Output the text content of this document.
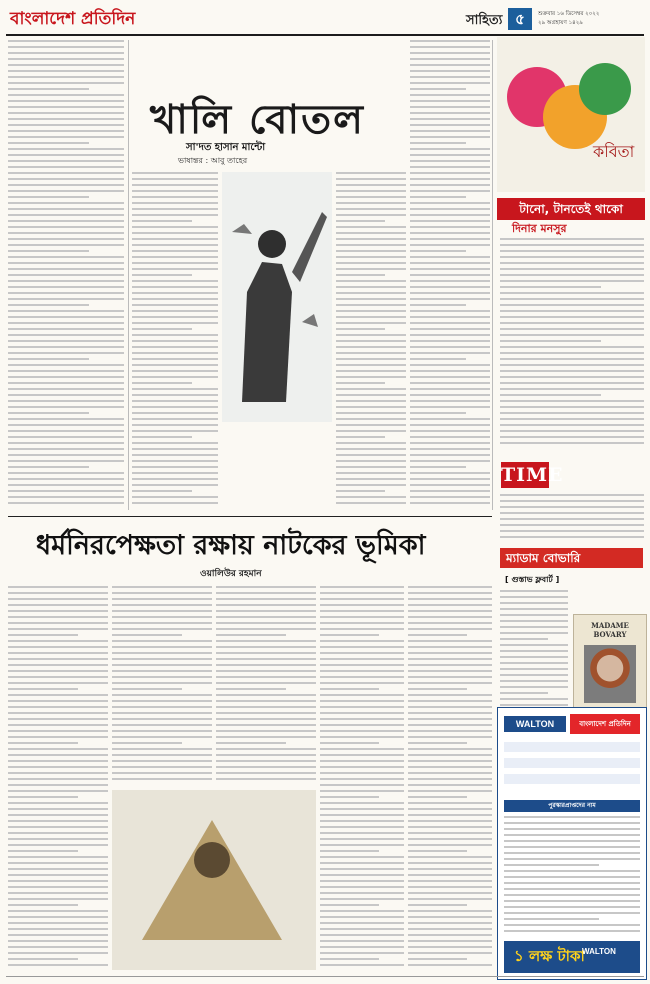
বাংলাদেশ প্রতিদিন	সাহিত্য ৫	শুক্রবার ১৬ ডিসেম্বর ২০২২
২৯ অগ্রহায়ণ ১৪২৯
খালি বোতল
সা'দত হাসান মান্টো
ভাষান্তর : আবু তাহের	কবিতা
টানো, টানতেই থাকো
দিনার মনসুর
TIME
ম্যাডাম বোভারি
[ গুস্তাভ ফ্লবার্ট ]
MADAME BOVARY
ধর্মনিরপেক্ষতা রক্ষায় নাটকের ভূমিকা
ওয়ালিউর রহমান
WALTON	বাংলাদেশ প্রতিদিন
পুরস্কারপ্রাপ্তদের নাম
১ লক্ষ টাকা
WALTON
